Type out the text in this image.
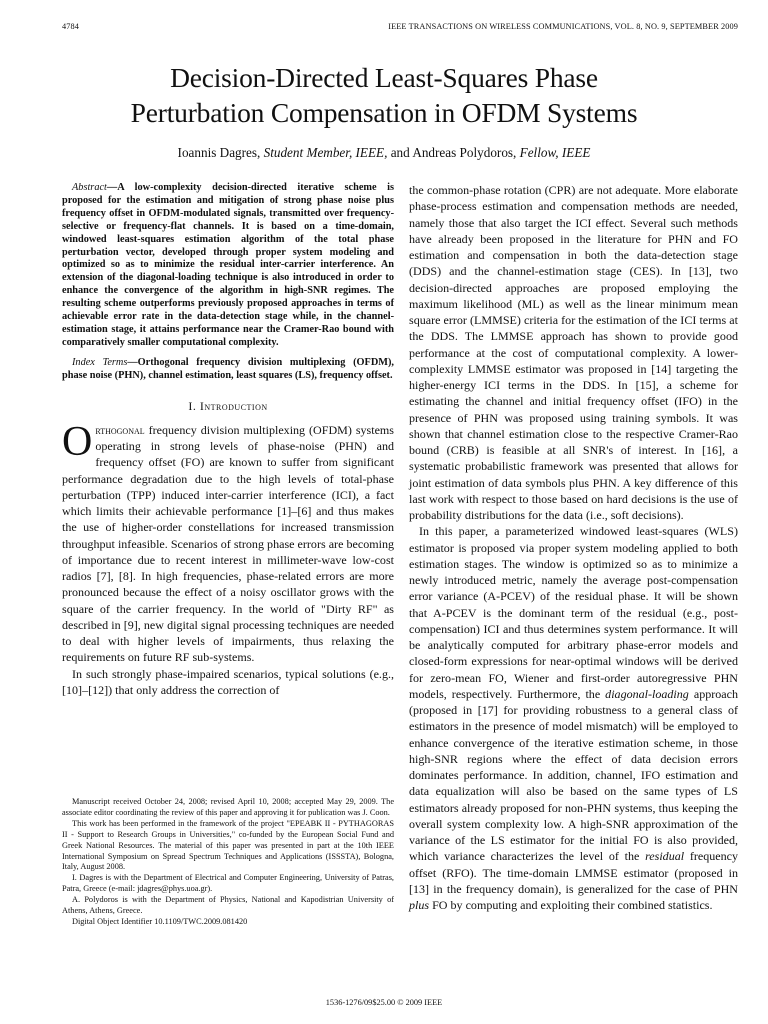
4784	IEEE TRANSACTIONS ON WIRELESS COMMUNICATIONS, VOL. 8, NO. 9, SEPTEMBER 2009
Decision-Directed Least-Squares Phase
Perturbation Compensation in OFDM Systems
Ioannis Dagres, Student Member, IEEE, and Andreas Polydoros, Fellow, IEEE
Abstract—A low-complexity decision-directed iterative scheme is proposed for the estimation and mitigation of strong phase noise plus frequency offset in OFDM-modulated signals, transmitted over frequency-selective or frequency-flat channels. It is based on a time-domain, windowed least-squares estimation algorithm of the total phase perturbation vector, developed through proper system modeling and optimized so as to minimize the residual inter-carrier interference. An extension of the diagonal-loading technique is also introduced in order to enhance the convergence of the algorithm in high-SNR regimes. The resulting scheme outperforms previously proposed approaches in terms of achievable error rate in the data-detection stage while, in the channel-estimation stage, it attains performance near the Cramer-Rao bound with comparatively smaller computational complexity.
Index Terms—Orthogonal frequency division multiplexing (OFDM), phase noise (PHN), channel estimation, least squares (LS), frequency offset.
I. Introduction

Orthogonal frequency division multiplexing (OFDM) systems operating in strong levels of phase-noise (PHN) and frequency offset (FO) are known to suffer from significant performance degradation due to the high levels of total-phase perturbation (TPP) induced inter-carrier interference (ICI), a fact which limits their achievable performance [1]–[6] and thus makes the use of higher-order constellations for increased transmission throughput infeasible. Scenarios of strong phase errors are becoming of importance due to recent interest in millimeter-wave low-cost radios [7], [8]. In high frequencies, phase-related errors are more pronounced because the effect of a noisy oscillator grows with the square of the carrier frequency. In the world of "Dirty RF" as described in [9], new digital signal processing techniques are needed to deal with higher levels of impairments, thus relaxing the requirements on future RF sub-systems.

In such strongly phase-impaired scenarios, typical solutions (e.g., [10]–[12]) that only address the correction of

Manuscript received October 24, 2008; revised April 10, 2008; accepted May 29, 2009. The associate editor coordinating the review of this paper and approving it for publication was J. Coon.

This work has been performed in the framework of the project "ΕΡΕΑΒΚ ΙΙ - PYTHAGORAS II - Support to Research Groups in Universities," co-funded by the European Social Fund and Greek National Resources. The material of this paper was presented in part at the 10th IEEE International Symposium on Spread Spectrum Techniques and Applications (ISSSTA), Bologna, Italy, August 2008.

I. Dagres is with the Department of Electrical and Computer Engineering, University of Patras, Patra, Greece (e-mail: jdagres@phys.uoa.gr).

A. Polydoros is with the Department of Physics, National and Kapodistrian University of Athens, Athens, Greece.

Digital Object Identifier 10.1109/TWC.2009.081420

the common-phase rotation (CPR) are not adequate. More elaborate phase-process estimation and compensation methods are needed, namely those that also target the ICI effect. Several such methods have already been proposed in the literature for PHN and FO estimation and compensation in both the data-detection stage (DDS) and the channel-estimation stage (CES). In [13], two decision-directed approaches are proposed employing the maximum likelihood (ML) as well as the linear minimum mean square error (LMMSE) criteria for the estimation of the ICI terms at the DDS. The LMMSE approach has shown to provide good performance at the cost of computational complexity. A lower-complexity LMMSE estimator was proposed in [14] targeting the higher-energy ICI terms in the DDS. In [15], a scheme for estimating the channel and initial frequency offset (IFO) in the presence of PHN was proposed using training symbols. It was shown that channel estimation close to the respective Cramer-Rao bound (CRB) is feasible at all SNR's of interest. In [16], a systematic probabilistic framework was presented that allows for joint estimation of data symbols plus PHN. A key difference of this last work with respect to those based on hard decisions is the use of probability distributions for the data (i.e., soft decisions).

In this paper, a parameterized windowed least-squares (WLS) estimator is proposed via proper system modeling applied to both estimation stages. The window is optimized so as to minimize a newly introduced metric, namely the average post-compensation error variance (A-PCEV) of the residual phase. It will be shown that A-PCEV is the dominant term of the residual (e.g., post-compensation) ICI and thus determines system performance. It will be analytically computed for arbitrary phase-error models and closed-form expressions for near-optimal windows will be derived for zero-mean FO, Wiener and first-order autoregressive PHN models, respectively. Furthermore, the diagonal-loading approach (proposed in [17] for providing robustness to a general class of estimators in the presence of model mismatch) will be employed to enhance convergence of the iterative estimation scheme, in those high-SNR regions where the effect of data decision errors dominates performance. In addition, channel, IFO estimation and data equalization will also be based on the same types of LS estimators already proposed for non-PHN systems, thus keeping the overall system complexity low. A high-SNR approximation of the variance of the LS estimator for the initial FO is also provided, which variance characterizes the level of the residual frequency offset (RFO). The time-domain LMMSE estimator (proposed in [13] in the frequency domain), is generalized for the case of PHN plus FO by computing and exploiting their combined statistics.

1536-1276/09$25.00 © 2009 IEEE
